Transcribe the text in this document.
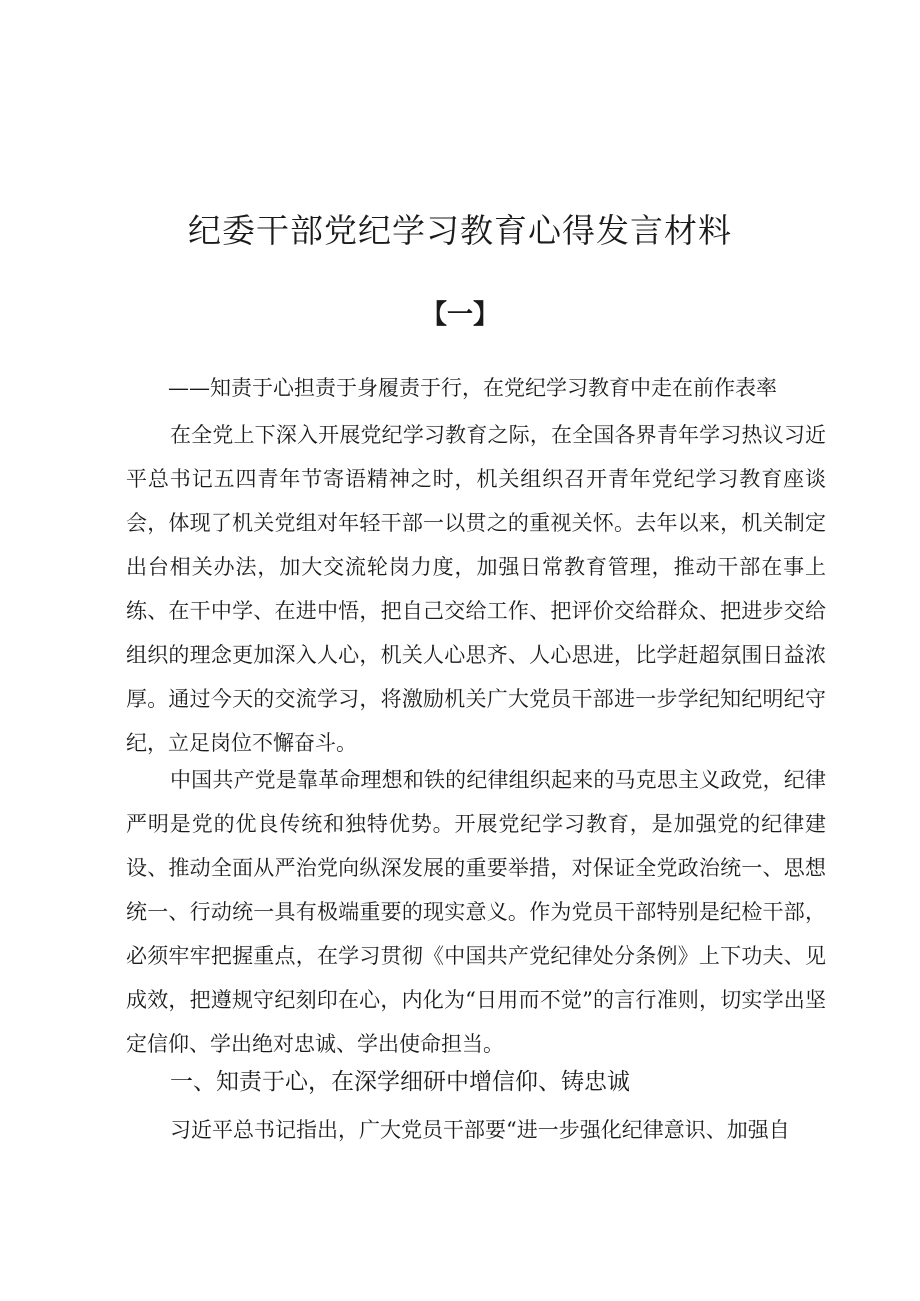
纪委干部党纪学习教育心得发言材料
【一】

——知责于心担责于身履责于行，在党纪学习教育中走在前作表率

在全党上下深入开展党纪学习教育之际，在全国各界青年学习热议习近平总书记五四青年节寄语精神之时，机关组织召开青年党纪学习教育座谈会，体现了机关党组对年轻干部一以贯之的重视关怀。去年以来，机关制定出台相关办法，加大交流轮岗力度，加强日常教育管理，推动干部在事上练、在干中学、在进中悟，把自己交给工作、把评价交给群众、把进步交给组织的理念更加深入人心，机关人心思齐、人心思进，比学赶超氛围日益浓厚。通过今天的交流学习，将激励机关广大党员干部进一步学纪知纪明纪守纪，立足岗位不懈奋斗。

中国共产党是靠革命理想和铁的纪律组织起来的马克思主义政党，纪律严明是党的优良传统和独特优势。开展党纪学习教育，是加强党的纪律建设、推动全面从严治党向纵深发展的重要举措，对保证全党政治统一、思想统一、行动统一具有极端重要的现实意义。作为党员干部特别是纪检干部，必须牢牢把握重点，在学习贯彻《中国共产党纪律处分条例》上下功夫、见成效，把遵规守纪刻印在心，内化为“日用而不觉”的言行准则，切实学出坚定信仰、学出绝对忠诚、学出使命担当。

一、知责于心，在深学细研中增信仰、铸忠诚

习近平总书记指出，广大党员干部要“进一步强化纪律意识、加强自
